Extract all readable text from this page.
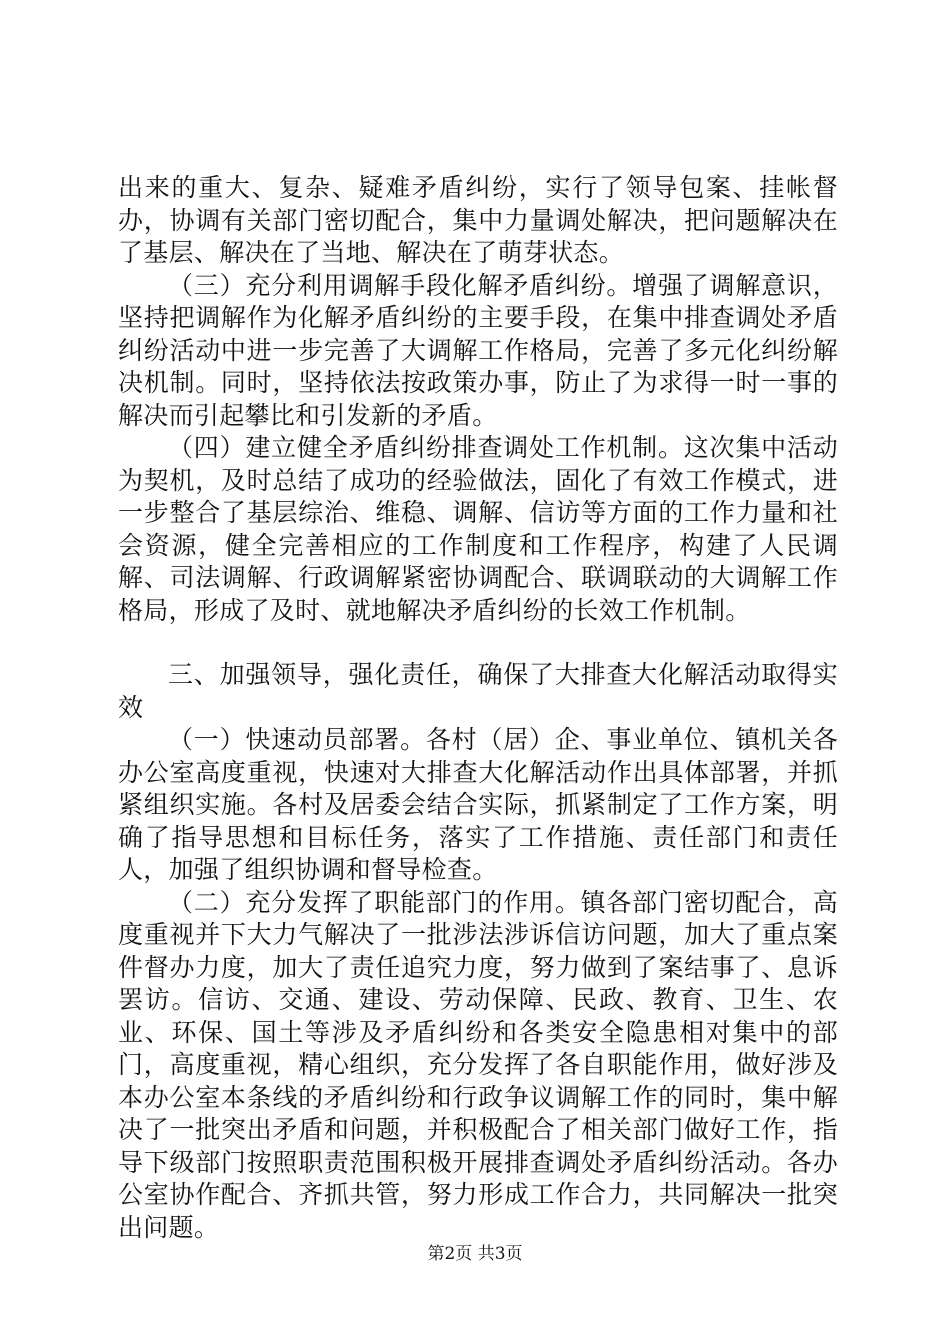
出来的重大、复杂、疑难矛盾纠纷，实行了领导包案、挂帐督办，协调有关部门密切配合，集中力量调处解决，把问题解决在了基层、解决在了当地、解决在了萌芽状态。

（三）充分利用调解手段化解矛盾纠纷。增强了调解意识，坚持把调解作为化解矛盾纠纷的主要手段，在集中排查调处矛盾纠纷活动中进一步完善了大调解工作格局，完善了多元化纠纷解决机制。同时，坚持依法按政策办事，防止了为求得一时一事的解决而引起攀比和引发新的矛盾。

（四）建立健全矛盾纠纷排查调处工作机制。这次集中活动为契机，及时总结了成功的经验做法，固化了有效工作模式，进一步整合了基层综治、维稳、调解、信访等方面的工作力量和社会资源，健全完善相应的工作制度和工作程序，构建了人民调解、司法调解、行政调解紧密协调配合、联调联动的大调解工作格局，形成了及时、就地解决矛盾纠纷的长效工作机制。

三、加强领导，强化责任，确保了大排查大化解活动取得实效

（一）快速动员部署。各村（居）企、事业单位、镇机关各办公室高度重视，快速对大排查大化解活动作出具体部署，并抓紧组织实施。各村及居委会结合实际，抓紧制定了工作方案，明确了指导思想和目标任务，落实了工作措施、责任部门和责任人，加强了组织协调和督导检查。

（二）充分发挥了职能部门的作用。镇各部门密切配合，高度重视并下大力气解决了一批涉法涉诉信访问题，加大了重点案件督办力度，加大了责任追究力度，努力做到了案结事了、息诉罢访。信访、交通、建设、劳动保障、民政、教育、卫生、农业、环保、国土等涉及矛盾纠纷和各类安全隐患相对集中的部门，高度重视，精心组织，充分发挥了各自职能作用，做好涉及本办公室本条线的矛盾纠纷和行政争议调解工作的同时，集中解决了一批突出矛盾和问题，并积极配合了相关部门做好工作，指导下级部门按照职责范围积极开展排查调处矛盾纠纷活动。各办公室协作配合、齐抓共管，努力形成工作合力，共同解决一批突出问题。

第2页 共3页
